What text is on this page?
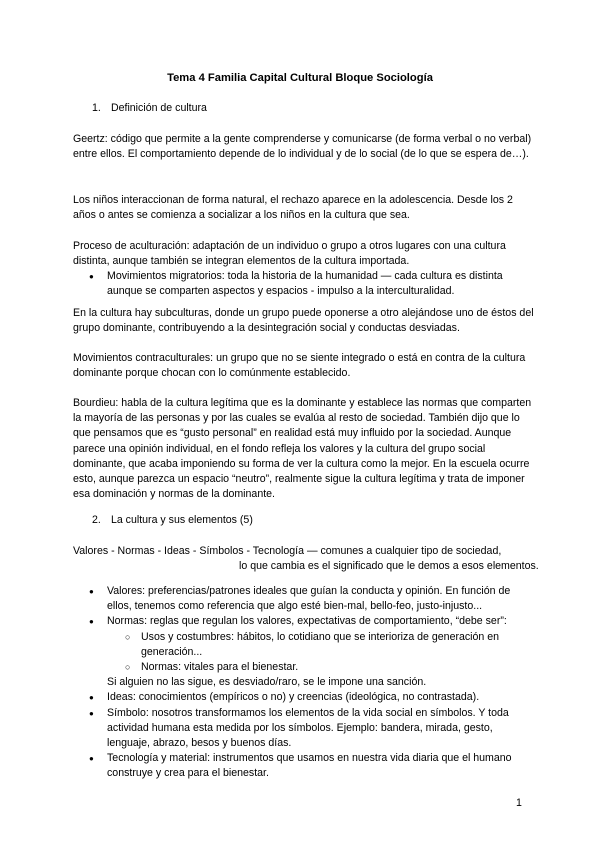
Tema 4 Familia Capital Cultural Bloque Sociología

1. Definición de cultura

Geertz: código que permite a la gente comprenderse y comunicarse (de forma verbal o no verbal) entre ellos. El comportamiento depende de lo individual y de lo social (de lo que se espera de…).

Los niños interaccionan de forma natural, el rechazo aparece en la adolescencia. Desde los 2 años o antes se comienza a socializar a los niños en la cultura que sea.

Proceso de aculturación: adaptación de un individuo o grupo a otros lugares con una cultura distinta, aunque también se integran elementos de la cultura importada.

● Movimientos migratorios: toda la historia de la humanidad — cada cultura es distinta aunque se comparten aspectos y espacios - impulso a la interculturalidad.

En la cultura hay subculturas, donde un grupo puede oponerse a otro alejándose uno de éstos del grupo dominante, contribuyendo a la desintegración social y conductas desviadas.

Movimientos contraculturales: un grupo que no se siente integrado o está en contra de la cultura dominante porque chocan con lo comúnmente establecido.

Bourdieu: habla de la cultura legítima que es la dominante y establece las normas que comparten la mayoría de las personas y por las cuales se evalúa al resto de sociedad. También dijo que lo que pensamos que es “gusto personal” en realidad está muy influido por la sociedad. Aunque parece una opinión individual, en el fondo refleja los valores y la cultura del grupo social dominante, que acaba imponiendo su forma de ver la cultura como la mejor. En la escuela ocurre esto, aunque parezca un espacio “neutro”, realmente sigue la cultura legítima y trata de imponer esa dominación y normas de la dominante.

2. La cultura y sus elementos (5)

Valores - Normas - Ideas - Símbolos - Tecnología — comunes a cualquier tipo de sociedad,
lo que cambia es el significado que le demos a esos elementos.

● Valores: preferencias/patrones ideales que guían la conducta y opinión. En función de ellos, tenemos como referencia que algo esté bien-mal, bello-feo, justo-injusto...
● Normas: reglas que regulan los valores, expectativas de comportamiento, “debe ser”:
○ Usos y costumbres: hábitos, lo cotidiano que se interioriza de generación en generación...
○ Normas: vitales para el bienestar.
Si alguien no las sigue, es desviado/raro, se le impone una sanción.
● Ideas: conocimientos (empíricos o no) y creencias (ideológica, no contrastada).
● Símbolo: nosotros transformamos los elementos de la vida social en símbolos. Y toda actividad humana esta medida por los símbolos. Ejemplo: bandera, mirada, gesto, lenguaje, abrazo, besos y buenos días.
● Tecnología y material: instrumentos que usamos en nuestra vida diaria que el humano construye y crea para el bienestar.
1
